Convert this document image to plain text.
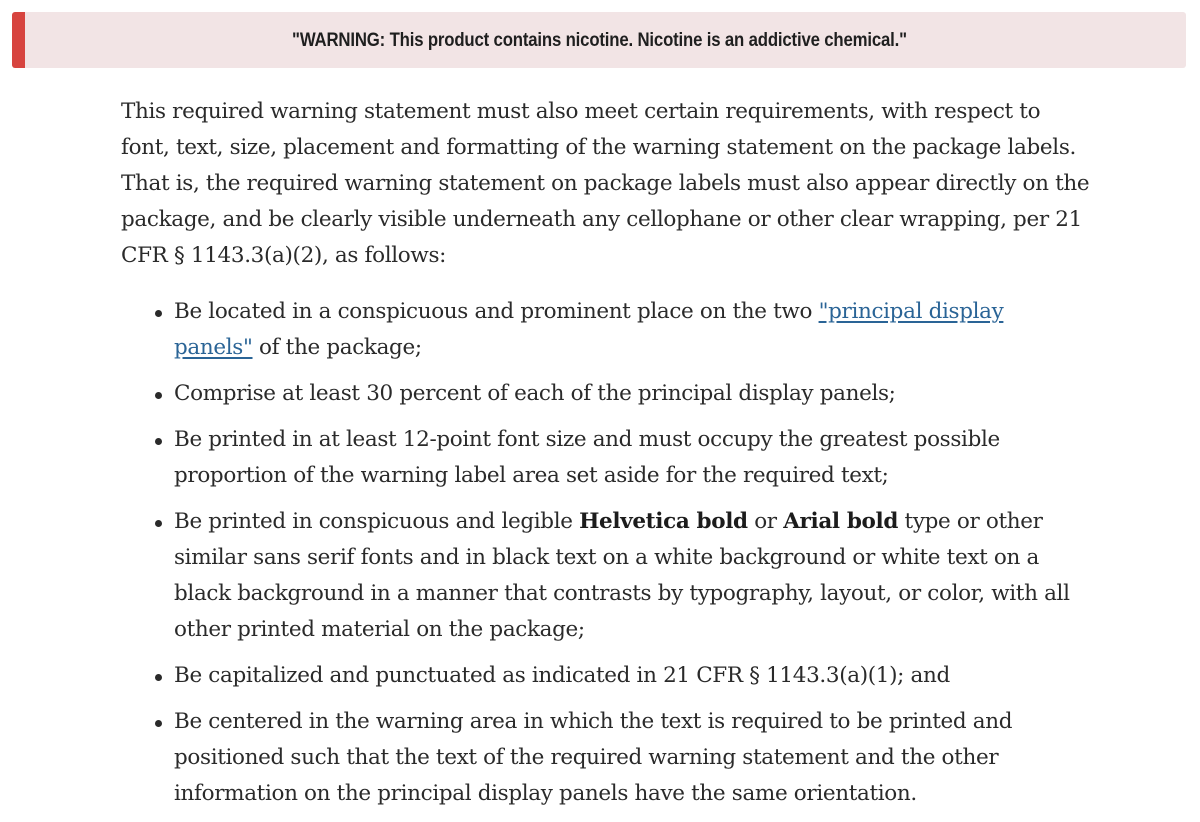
"WARNING: This product contains nicotine. Nicotine is an addictive chemical."

This required warning statement must also meet certain requirements, with respect to
font, text, size, placement and formatting of the warning statement on the package labels.
That is, the required warning statement on package labels must also appear directly on the
package, and be clearly visible underneath any cellophane or other clear wrapping, per 21
CFR § 1143.3(a)(2), as follows:

Be located in a conspicuous and prominent place on the two "principal display
panels" of the package;
Comprise at least 30 percent of each of the principal display panels;
Be printed in at least 12-point font size and must occupy the greatest possible
proportion of the warning label area set aside for the required text;
Be printed in conspicuous and legible Helvetica bold or Arial bold type or other
similar sans serif fonts and in black text on a white background or white text on a
black background in a manner that contrasts by typography, layout, or color, with all
other printed material on the package;
Be capitalized and punctuated as indicated in 21 CFR § 1143.3(a)(1); and
Be centered in the warning area in which the text is required to be printed and
positioned such that the text of the required warning statement and the other
information on the principal display panels have the same orientation.
